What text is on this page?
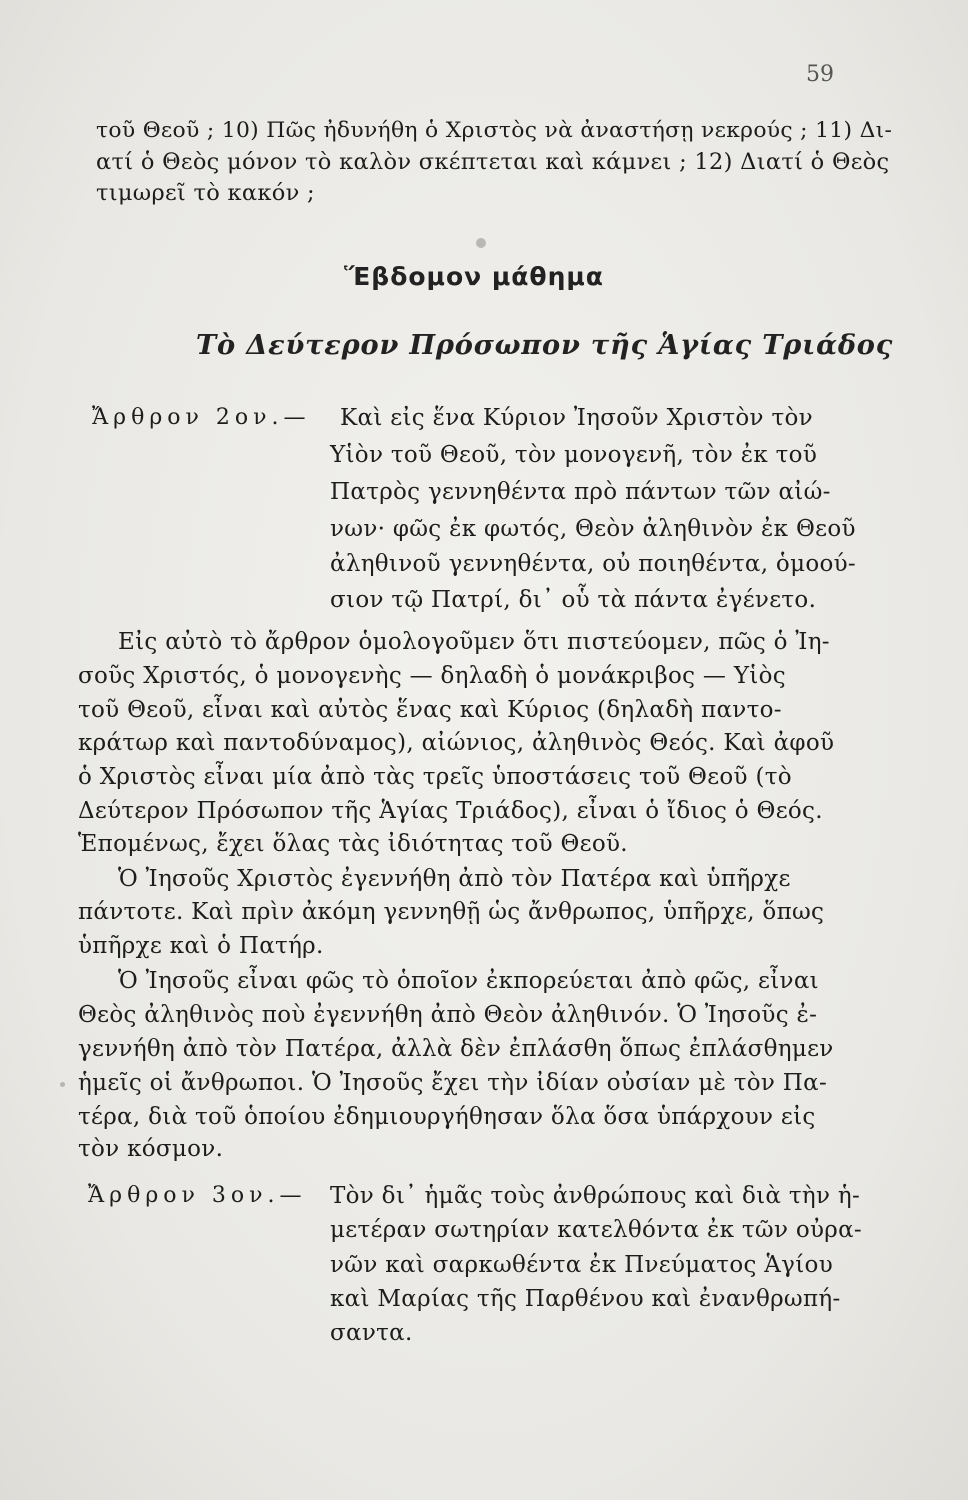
59
τοῦ Θεοῦ ; 10) Πῶς ἠδυνήθη ὁ Χριστὸς νὰ ἀναστήσῃ νεκρούς ; 11) Δι-
ατί ὁ Θεὸς μόνον τὸ καλὸν σκέπτεται καὶ κάμνει ; 12) Διατί ὁ Θεὸς
τιμωρεῖ τὸ κακόν ;
Ἕβδομον μάθημα
Τὸ Δεύτερον Πρόσωπον τῆς Ἁγίας Τριάδος
Ἄρθρον 2ον.— Καὶ εἰς ἕνα Κύριον Ἰησοῦν Χριστὸν τὸν
Υἱὸν τοῦ Θεοῦ, τὸν μονογενῆ, τὸν ἐκ τοῦ
Πατρὸς γεννηθέντα πρὸ πάντων τῶν αἰώ-
νων· φῶς ἐκ φωτός, Θεὸν ἀληθινὸν ἐκ Θεοῦ
ἀληθινοῦ γεννηθέντα, οὐ ποιηθέντα, ὁμοού-
σιον τῷ Πατρί, δι᾿ οὗ τὰ πάντα ἐγένετο.
Εἰς αὐτὸ τὸ ἄρθρον ὁμολογοῦμεν ὅτι πιστεύομεν, πῶς ὁ Ἰη-
σοῦς Χριστός, ὁ μονογενὴς — δηλαδὴ ὁ μονάκριβος — Υἱὸς
τοῦ Θεοῦ, εἶναι καὶ αὐτὸς ἕνας καὶ Κύριος (δηλαδὴ παντο-
κράτωρ καὶ παντοδύναμος), αἰώνιος, ἀληθινὸς Θεός. Καὶ ἀφοῦ
ὁ Χριστὸς εἶναι μία ἀπὸ τὰς τρεῖς ὑποστάσεις τοῦ Θεοῦ (τὸ
Δεύτερον Πρόσωπον τῆς Ἁγίας Τριάδος), εἶναι ὁ ἴδιος ὁ Θεός.
Ἑπομένως, ἔχει ὅλας τὰς ἰδιότητας τοῦ Θεοῦ.
Ὁ Ἰησοῦς Χριστὸς ἐγεννήθη ἀπὸ τὸν Πατέρα καὶ ὑπῆρχε
πάντοτε. Καὶ πρὶν ἀκόμη γεννηθῇ ὡς ἄνθρωπος, ὑπῆρχε, ὅπως
ὑπῆρχε καὶ ὁ Πατήρ.
Ὁ Ἰησοῦς εἶναι φῶς τὸ ὁποῖον ἐκπορεύεται ἀπὸ φῶς, εἶναι
Θεὸς ἀληθινὸς ποὺ ἐγεννήθη ἀπὸ Θεὸν ἀληθινόν. Ὁ Ἰησοῦς ἐ-
γεννήθη ἀπὸ τὸν Πατέρα, ἀλλὰ δὲν ἐπλάσθη ὅπως ἐπλάσθημεν
ἡμεῖς οἱ ἄνθρωποι. Ὁ Ἰησοῦς ἔχει τὴν ἰδίαν οὐσίαν μὲ τὸν Πα-
τέρα, διὰ τοῦ ὁποίου ἐδημιουργήθησαν ὅλα ὅσα ὑπάρχουν εἰς
τὸν κόσμον.
Ἄρθρον 3ον.— Τὸν δι᾿ ἡμᾶς τοὺς ἀνθρώπους καὶ διὰ τὴν ἡ-
μετέραν σωτηρίαν κατελθόντα ἐκ τῶν οὐρα-
νῶν καὶ σαρκωθέντα ἐκ Πνεύματος Ἁγίου
καὶ Μαρίας τῆς Παρθένου καὶ ἐνανθρωπή-
σαντα.
